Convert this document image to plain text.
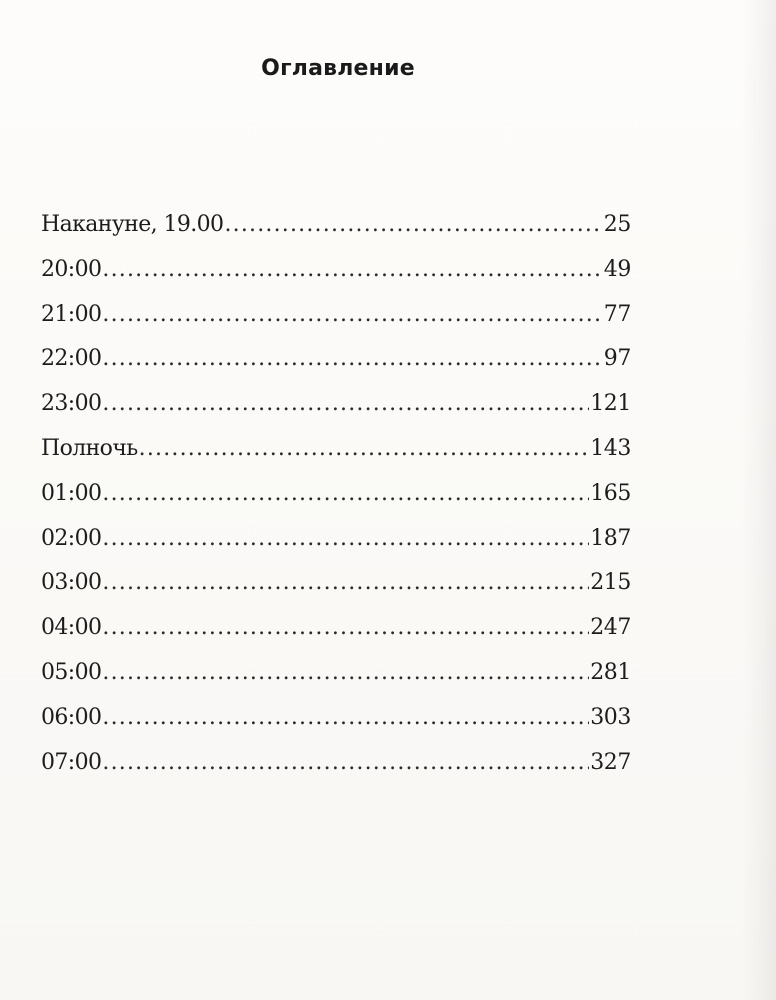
Оглавление
Накануне, 19.00 .....	25
20:00 .....	49
21:00 .....	77
22:00 .....	97
23:00 .....	121
Полночь .....	143
01:00 .....	165
02:00 .....	187
03:00 .....	215
04:00 .....	247
05:00 .....	281
06:00 .....	303
07:00 .....	327
